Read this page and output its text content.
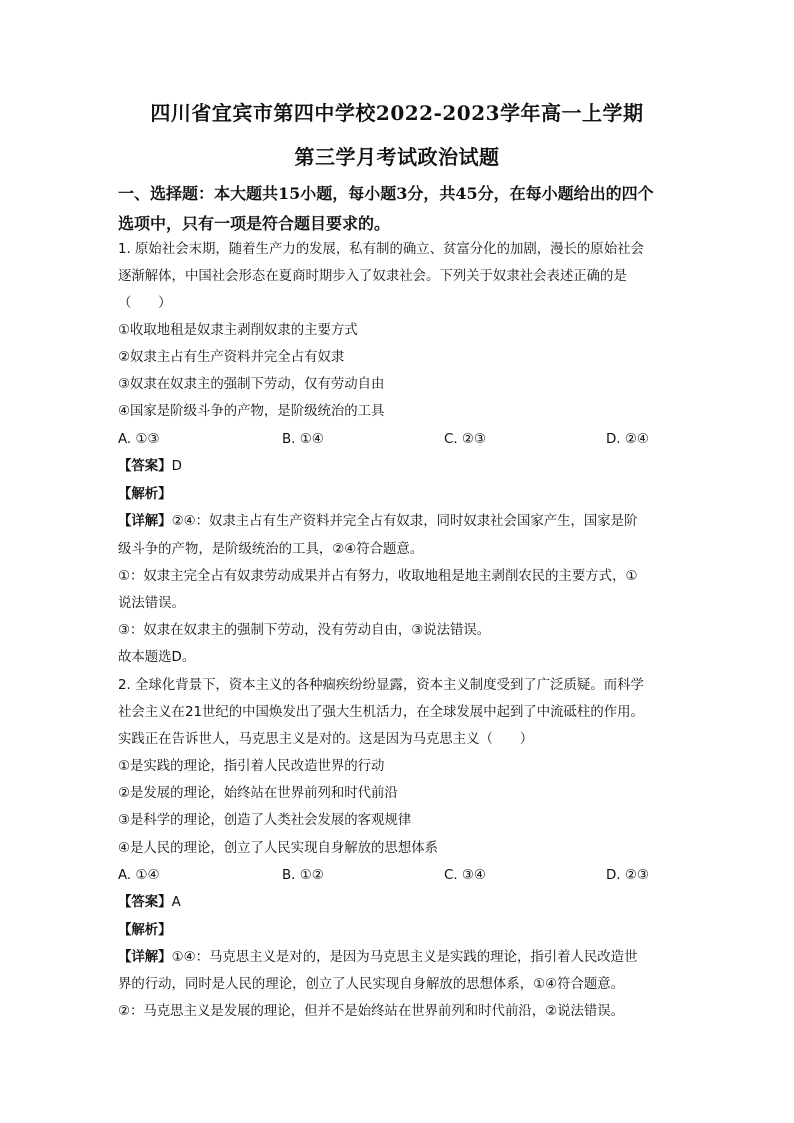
四川省宜宾市第四中学校2022-2023学年高一上学期
第三学月考试政治试题
一、选择题：本大题共15小题，每小题3分，共45分，在每小题给出的四个
选项中，只有一项是符合题目要求的。
1. 原始社会末期，随着生产力的发展，私有制的确立、贫富分化的加剧，漫长的原始社会
逐渐解体，中国社会形态在夏商时期步入了奴隶社会。下列关于奴隶社会表述正确的是
（　　）
①收取地租是奴隶主剥削奴隶的主要方式
②奴隶主占有生产资料并完全占有奴隶
③奴隶在奴隶主的强制下劳动，仅有劳动自由
④国家是阶级斗争的产物，是阶级统治的工具
A. ①③	B. ①④	C. ②③	D. ②④
【答案】D
【解析】
【详解】②④：奴隶主占有生产资料并完全占有奴隶，同时奴隶社会国家产生，国家是阶
级斗争的产物，是阶级统治的工具，②④符合题意。
①：奴隶主完全占有奴隶劳动成果并占有努力，收取地租是地主剥削农民的主要方式，①
说法错误。
③：奴隶在奴隶主的强制下劳动，没有劳动自由，③说法错误。
故本题选D。
2. 全球化背景下，资本主义的各种痼疾纷纷显露，资本主义制度受到了广泛质疑。而科学
社会主义在21世纪的中国焕发出了强大生机活力，在全球发展中起到了中流砥柱的作用。
实践正在告诉世人，马克思主义是对的。这是因为马克思主义（　　）
①是实践的理论，指引着人民改造世界的行动
②是发展的理论，始终站在世界前列和时代前沿
③是科学的理论，创造了人类社会发展的客观规律
④是人民的理论，创立了人民实现自身解放的思想体系
A. ①④	B. ①②	C. ③④	D. ②③
【答案】A
【解析】
【详解】①④：马克思主义是对的，是因为马克思主义是实践的理论，指引着人民改造世
界的行动，同时是人民的理论，创立了人民实现自身解放的思想体系，①④符合题意。
②：马克思主义是发展的理论，但并不是始终站在世界前列和时代前沿，②说法错误。
